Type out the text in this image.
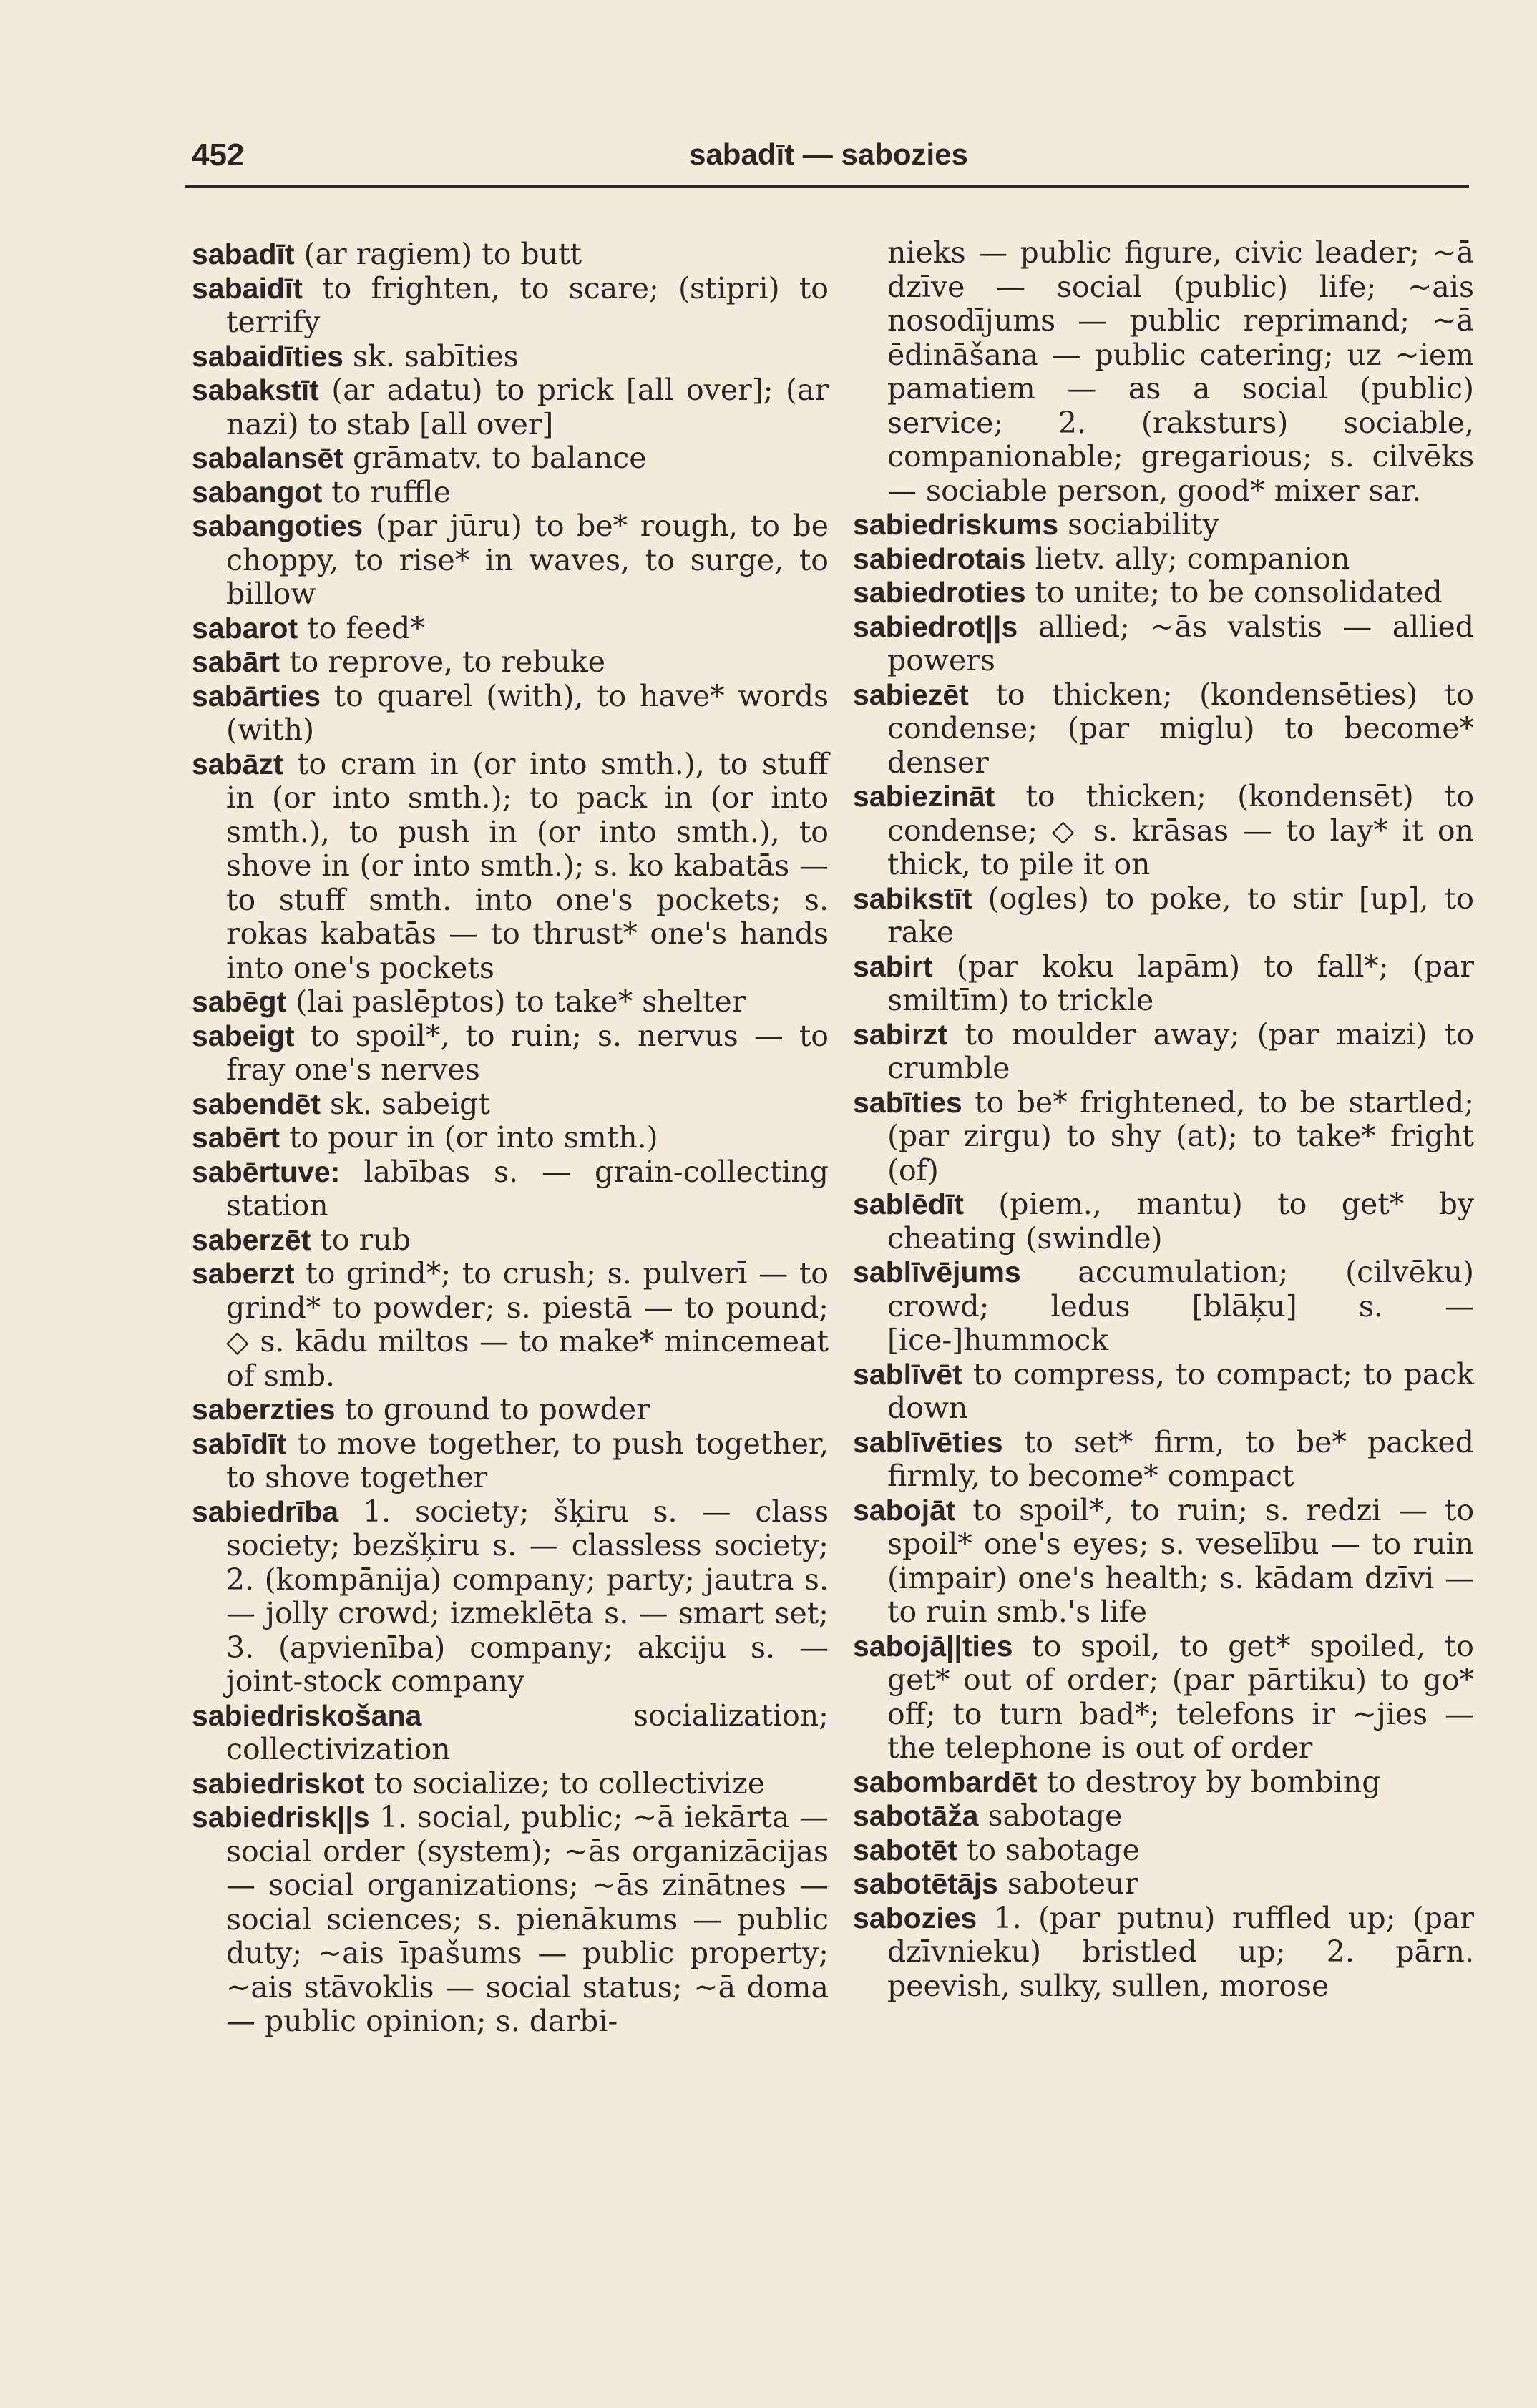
452	sabadīt — sabozies

sabadīt (ar ragiem) to butt

sabaidīt to frighten, to scare; (stipri) to terrify

sabaidīties sk. sabīties

sabakstīt (ar adatu) to prick [all over]; (ar nazi) to stab [all over]

sabalansēt grāmatv. to balance

sabangot to ruffle

sabangoties (par jūru) to be* rough, to be choppy, to rise* in waves, to surge, to billow

sabarot to feed*

sabārt to reprove, to rebuke

sabārties to quarel (with), to have* words (with)

sabāzt to cram in (or into smth.), to stuff in (or into smth.); to pack in (or into smth.), to push in (or into smth.), to shove in (or into smth.); s. ko kabatās — to stuff smth. into one's pockets; s. rokas kabatās — to thrust* one's hands into one's pockets

sabēgt (lai paslēptos) to take* shelter

sabeigt to spoil*, to ruin; s. nervus — to fray one's nerves

sabendēt sk. sabeigt

sabērt to pour in (or into smth.)

sabērtuve: labības s. — grain-collecting station

saberzēt to rub

saberzt to grind*; to crush; s. pulverī — to grind* to powder; s. piestā — to pound; ◇ s. kādu miltos — to make* mincemeat of smb.

saberzties to ground to powder

sabīdīt to move together, to push together, to shove together

sabiedrība 1. society; šķiru s. — class society; bezšķiru s. — classless society; 2. (kompānija) company; party; jautra s. — jolly crowd; izmeklēta s. — smart set; 3. (apvienība) company; akciju s. — joint-stock company

sabiedriskošana socialization; collectivization

sabiedriskot to socialize; to collectivize

sabiedrisk||s 1. social, public; ~ā iekārta — social order (system); ~ās organizācijas — social organizations; ~ās zinātnes — social sciences; s. pienākums — public duty; ~ais īpašums — public property; ~ais stāvoklis — social status; ~ā doma — public opinion; s. darbi-

nieks — public figure, civic leader; ~ā dzīve — social (public) life; ~ais nosodījums — public reprimand; ~ā ēdināšana — public catering; uz ~iem pamatiem — as a social (public) service; 2. (raksturs) sociable, companionable; gregarious; s. cilvēks — sociable person, good* mixer sar.

sabiedriskums sociability

sabiedrotais lietv. ally; companion

sabiedroties to unite; to be consolidated

sabiedrot||s allied; ~ās valstis — allied powers

sabiezēt to thicken; (kondensēties) to condense; (par miglu) to become* denser

sabiezināt to thicken; (kondensēt) to condense; ◇ s. krāsas — to lay* it on thick, to pile it on

sabikstīt (ogles) to poke, to stir [up], to rake

sabirt (par koku lapām) to fall*; (par smiltīm) to trickle

sabirzt to moulder away; (par maizi) to crumble

sabīties to be* frightened, to be startled; (par zirgu) to shy (at); to take* fright (of)

sablēdīt (piem., mantu) to get* by cheating (swindle)

sablīvējums accumulation; (cilvēku) crowd; ledus [blāķu] s. — [ice-]hummock

sablīvēt to compress, to compact; to pack down

sablīvēties to set* firm, to be* packed firmly, to become* compact

sabojāt to spoil*, to ruin; s. redzi — to spoil* one's eyes; s. veselību — to ruin (impair) one's health; s. kādam dzīvi — to ruin smb.'s life

sabojā||ties to spoil, to get* spoiled, to get* out of order; (par pārtiku) to go* off; to turn bad*; telefons ir ~jies — the telephone is out of order

sabombardēt to destroy by bombing

sabotāža sabotage

sabotēt to sabotage

sabotētājs saboteur

sabozies 1. (par putnu) ruffled up; (par dzīvnieku) bristled up; 2. pārn. peevish, sulky, sullen, morose
